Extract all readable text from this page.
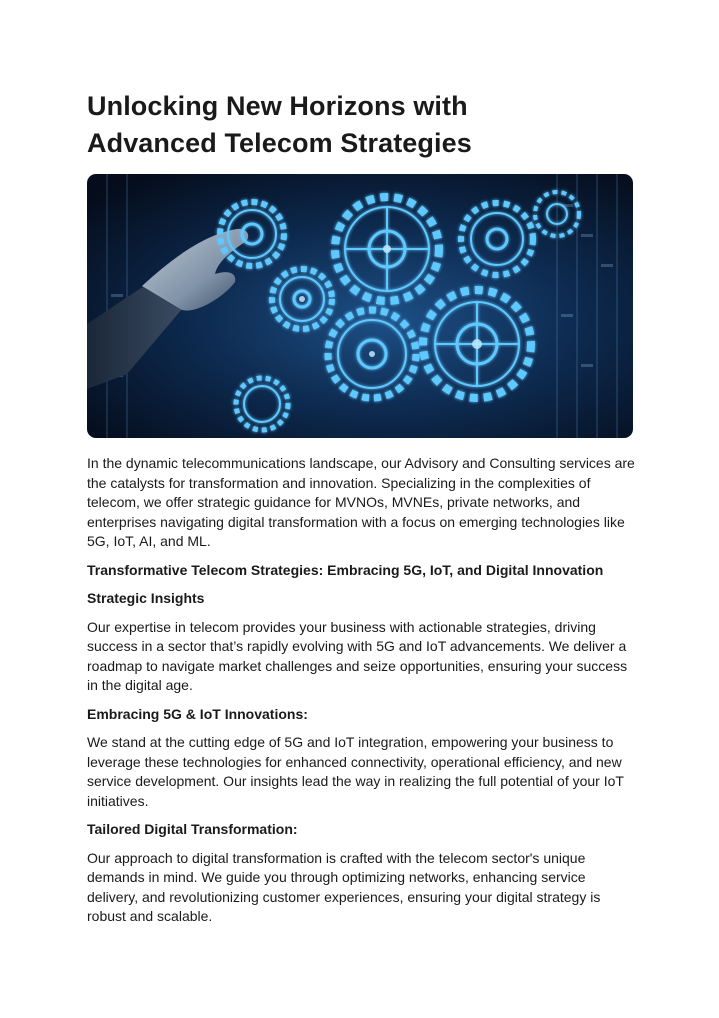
Unlocking New Horizons with
Advanced Telecom Strategies

In the dynamic telecommunications landscape, our Advisory and Consulting services are the catalysts for transformation and innovation. Specializing in the complexities of telecom, we offer strategic guidance for MVNOs, MVNEs, private networks, and enterprises navigating digital transformation with a focus on emerging technologies like 5G, IoT, AI, and ML.

Transformative Telecom Strategies: Embracing 5G, IoT, and Digital Innovation

Strategic Insights

Our expertise in telecom provides your business with actionable strategies, driving success in a sector that’s rapidly evolving with 5G and IoT advancements. We deliver a roadmap to navigate market challenges and seize opportunities, ensuring your success in the digital age.

Embracing 5G & IoT Innovations:

We stand at the cutting edge of 5G and IoT integration, empowering your business to leverage these technologies for enhanced connectivity, operational efficiency, and new service development. Our insights lead the way in realizing the full potential of your IoT initiatives.

Tailored Digital Transformation:

Our approach to digital transformation is crafted with the telecom sector's unique demands in mind. We guide you through optimizing networks, enhancing service delivery, and revolutionizing customer experiences, ensuring your digital strategy is robust and scalable.
